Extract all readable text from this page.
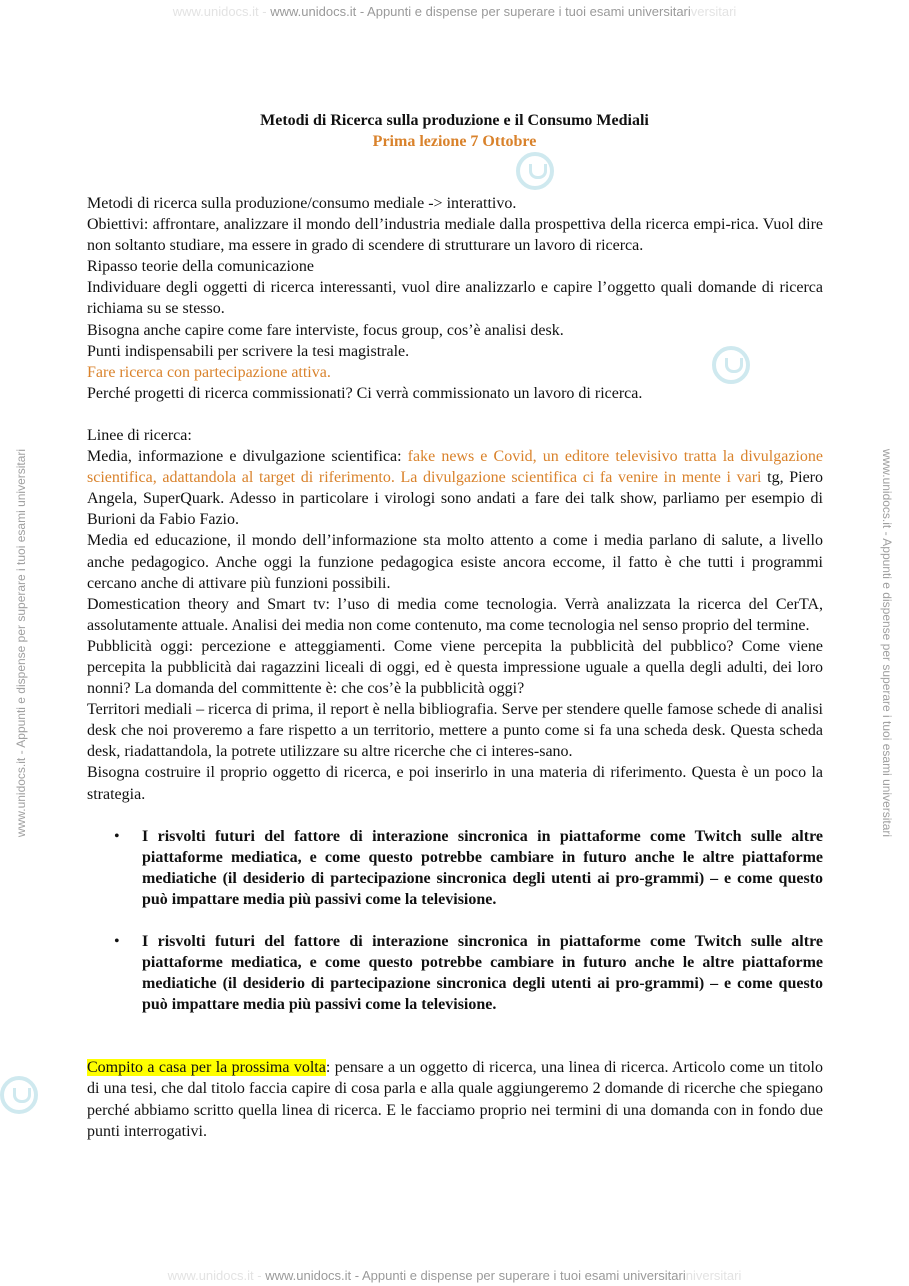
www.unidocs.it - www.unidocs.it - Appunti e dispense per superare i tuoi esami universitariversitari
www.unidocs.it - Appunti e dispense per superare i tuoi esami universitari	www.unidocs.it - Appunti e dispense per superare i tuoi esami universitari
Metodi di Ricerca sulla produzione e il Consumo Mediali
Prima lezione 7 Ottobre

Metodi di ricerca sulla produzione/consumo mediale -> interattivo.

Obiettivi: affrontare, analizzare il mondo dell’industria mediale dalla prospettiva della ricerca empi-rica. Vuol dire non soltanto studiare, ma essere in grado di scendere di strutturare un lavoro di ricerca.

Ripasso teorie della comunicazione

Individuare degli oggetti di ricerca interessanti, vuol dire analizzarlo e capire l’oggetto quali domande di ricerca richiama su se stesso.

Bisogna anche capire come fare interviste, focus group, cos’è analisi desk.

Punti indispensabili per scrivere la tesi magistrale.

Fare ricerca con partecipazione attiva.

Perché progetti di ricerca commissionati? Ci verrà commissionato un lavoro di ricerca.

Linee di ricerca:

Media, informazione e divulgazione scientifica: fake news e Covid, un editore televisivo tratta la divulgazione scientifica, adattandola al target di riferimento. La divulgazione scientifica ci fa venire in mente i vari tg, Piero Angela, SuperQuark. Adesso in particolare i virologi sono andati a fare dei talk show, parliamo per esempio di Burioni da Fabio Fazio.

Media ed educazione, il mondo dell’informazione sta molto attento a come i media parlano di salute, a livello anche pedagogico. Anche oggi la funzione pedagogica esiste ancora eccome, il fatto è che tutti i programmi cercano anche di attivare più funzioni possibili.

Domestication theory and Smart tv: l’uso di media come tecnologia. Verrà analizzata la ricerca del CerTA, assolutamente attuale. Analisi dei media non come contenuto, ma come tecnologia nel senso proprio del termine.

Pubblicità oggi: percezione e atteggiamenti. Come viene percepita la pubblicità del pubblico? Come viene percepita la pubblicità dai ragazzini liceali di oggi, ed è questa impressione uguale a quella degli adulti, dei loro nonni? La domanda del committente è: che cos’è la pubblicità oggi?

Territori mediali – ricerca di prima, il report è nella bibliografia. Serve per stendere quelle famose schede di analisi desk che noi proveremo a fare rispetto a un territorio, mettere a punto come si fa una scheda desk. Questa scheda desk, riadattandola, la potrete utilizzare su altre ricerche che ci interes-sano.

Bisogna costruire il proprio oggetto di ricerca, e poi inserirlo in una materia di riferimento. Questa è un poco la strategia.

• I risvolti futuri del fattore di interazione sincronica in piattaforme come Twitch sulle altre piattaforme mediatica, e come questo potrebbe cambiare in futuro anche le altre piattaforme mediatiche (il desiderio di partecipazione sincronica degli utenti ai pro-grammi) – e come questo può impattare media più passivi come la televisione.
• I risvolti futuri del fattore di interazione sincronica in piattaforme come Twitch sulle altre piattaforme mediatica, e come questo potrebbe cambiare in futuro anche le altre piattaforme mediatiche (il desiderio di partecipazione sincronica degli utenti ai pro-grammi) – e come questo può impattare media più passivi come la televisione.

Compito a casa per la prossima volta: pensare a un oggetto di ricerca, una linea di ricerca. Articolo come un titolo di una tesi, che dal titolo faccia capire di cosa parla e alla quale aggiungeremo 2 domande di ricerche che spiegano perché abbiamo scritto quella linea di ricerca. E le facciamo proprio nei termini di una domanda con in fondo due punti interrogativi.

www.unidocs.it - www.unidocs.it - Appunti e dispense per superare i tuoi esami universitariniversitari
